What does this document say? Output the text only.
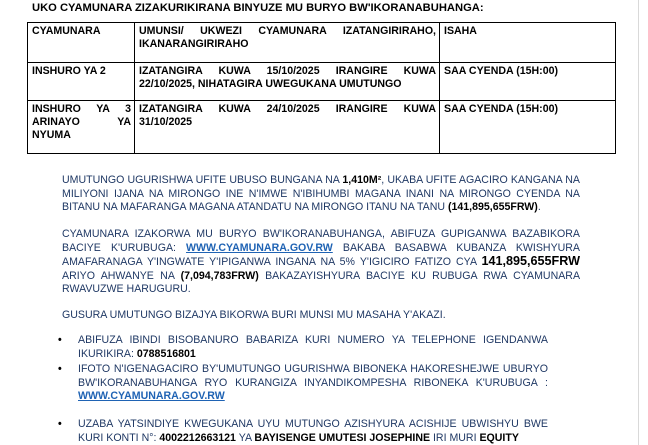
UKO CYAMUNARA ZIZAKURIKIRANA BINYUZE MU BURYO BW'IKORANABUHANGA:
CYAMUNARA	UMUNSI/ UKWEZI CYAMUNARA IZATANGIRIRAHO, IKANARANGIRIRAHO	ISAHA
INSHURO YA 2	IZATANGIRA KUWA 15/10/2025 IRANGIRE KUWA 22/10/2025, NIHATAGIRA UWEGUKANA UMUTUNGO	SAA CYENDA (15H:00)
INSHURO YA 3 ARINAYO YA NYUMA	IZATANGIRA KUWA 24/10/2025 IRANGIRE KUWA 31/10/2025	SAA CYENDA (15H:00)
UMUTUNGO UGURISHWA UFITE UBUSO BUNGANA NA 1,410M², UKABA UFITE AGACIRO KANGANA NA MILIYONI IJANA NA MIRONGO INE N'IMWE N'IBIHUMBI MAGANA INANI NA MIRONGO CYENDA NA BITANU NA MAFARANGA MAGANA ATANDATU NA MIRONGO ITANU NA TANU (141,895,655FRW).
CYAMUNARA IZAKORWA MU BURYO BW'IKORANABUHANGA, ABIFUZA GUPIGANWA BAZABIKORA BACIYE K'URUBUGA: WWW.CYAMUNARA.GOV.RW BAKABA BASABWA KUBANZA KWISHYURA AMAFARANAGA Y'INGWATE Y'IPIGANWA INGANA NA 5% Y'IGICIRO FATIZO CYA 141,895,655FRW ARIYO AHWANYE NA (7,094,783FRW) BAKAZAYISHYURA BACIYE KU RUBUGA RWA CYAMUNARA RWAVUZWE HARUGURU.
GUSURA UMUTUNGO BIZAJYA BIKORWA BURI MUNSI MU MASAHA Y'AKAZI.
• ABIFUZA IBINDI BISOBANURO BABARIZA KURI NUMERO YA TELEPHONE IGENDANWA IKURIKIRA: 0788516801
• IFOTO N'IGENAGACIRO BY'UMUTUNGO UGURISHWA BIBONEKA HAKORESHEJWE UBURYO BW'IKORANABUHANGA RYO KURANGIZA INYANDIKOMPESHA RIBONEKA K'URUBUGA : WWW.CYAMUNARA.GOV.RW
• UZABA YATSINDIYE KWEGUKANA UYU MUTUNGO AZISHYURA ACISHIJE UBWISHYU BWE KURI KONTI N°: 4002212663121 YA BAYISENGE UMUTESI JOSEPHINE IRI MURI EQUITY
